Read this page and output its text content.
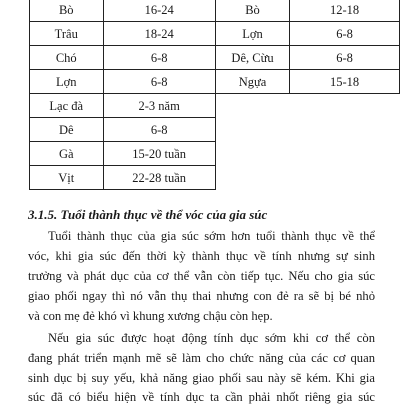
Bò	16-24	Bò	12-18
Trâu	18-24	Lợn	6-8
Chó	6-8	Dê, Cừu	6-8
Lợn	6-8	Ngựa	15-18
Lạc đà	2-3 năm		
Dê	6-8		
Gà	15-20 tuần		
Vịt	22-28 tuần		
3.1.5. Tuổi thành thục về thể vóc của gia súc
Tuổi thành thục của gia súc sớm hơn tuổi thành thục về thể
vóc, khi gia súc đến thời kỳ thành thục về tính nhưng sự sinh
trưởng và phát dục của cơ thể vẫn còn tiếp tục. Nếu cho gia súc
giao phối ngay thì nó vẫn thụ thai nhưng con đẻ ra sẽ bị bé nhỏ
và con mẹ đẻ khó vì khung xương chậu còn hẹp.
Nếu gia súc được hoạt động tính dục sớm khi cơ thể còn
đang phát triển mạnh mẽ sẽ làm cho chức năng của các cơ quan
sinh dục bị suy yếu, khả năng giao phối sau này sẽ kém. Khi gia
súc đã có biểu hiện về tính dục ta cần phải nhốt riêng gia súc
